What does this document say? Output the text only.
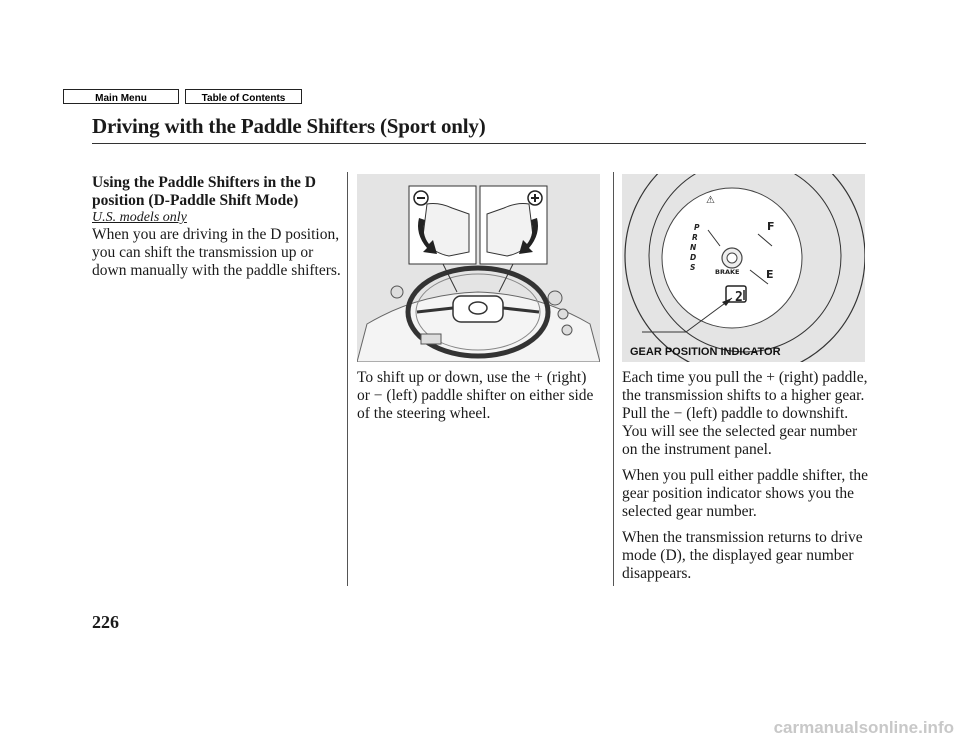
Main Menu	Table of Contents
Driving with the Paddle Shifters (Sport only)

Using the Paddle Shifters in the D

position (D-Paddle Shift Mode)

U.S. models only

When you are driving in the D position, you can shift the transmission up or down manually with the paddle shifters.

⚠
F
E
BRAKE
2
P
R
N
D
S
GEAR POSITION INDICATOR

To shift up or down, use the + (right) or − (left) paddle shifter on either side of the steering wheel.

Each time you pull the + (right) paddle, the transmission shifts to a higher gear. Pull the − (left) paddle to downshift. You will see the selected gear number on the instrument panel.

When you pull either paddle shifter, the gear position indicator shows you the selected gear number.

When the transmission returns to drive mode (D), the displayed gear number disappears.

226
carmanualsonline.info
